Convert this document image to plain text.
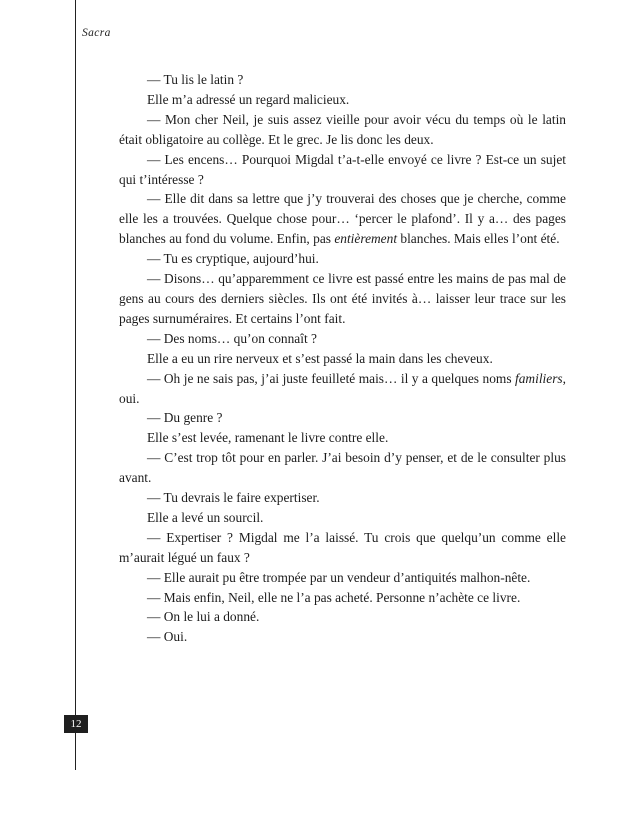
Sacra
12

— Tu lis le latin ?

Elle m’a adressé un regard malicieux.

— Mon cher Neil, je suis assez vieille pour avoir vécu du temps où le latin était obligatoire au collège. Et le grec. Je lis donc les deux.

— Les encens… Pourquoi Migdal t’a-t-elle envoyé ce livre ? Est-ce un sujet qui t’intéresse ?

— Elle dit dans sa lettre que j’y trouverai des choses que je cherche, comme elle les a trouvées. Quelque chose pour… ‘percer le plafond’. Il y a… des pages blanches au fond du volume. Enfin, pas entièrement blanches. Mais elles l’ont été.

— Tu es cryptique, aujourd’hui.

— Disons… qu’apparemment ce livre est passé entre les mains de pas mal de gens au cours des derniers siècles. Ils ont été invités à… laisser leur trace sur les pages surnuméraires. Et certains l’ont fait.

— Des noms… qu’on connaît ?

Elle a eu un rire nerveux et s’est passé la main dans les cheveux.

— Oh je ne sais pas, j’ai juste feuilleté mais… il y a quelques noms familiers, oui.

— Du genre ?

Elle s’est levée, ramenant le livre contre elle.

— C’est trop tôt pour en parler. J’ai besoin d’y penser, et de le consulter plus avant.

— Tu devrais le faire expertiser.

Elle a levé un sourcil.

— Expertiser ? Migdal me l’a laissé. Tu crois que quelqu’un comme elle m’aurait légué un faux ?

— Elle aurait pu être trompée par un vendeur d’antiquités malhon-nête.

— Mais enfin, Neil, elle ne l’a pas acheté. Personne n’achète ce livre.

— On le lui a donné.

— Oui.
